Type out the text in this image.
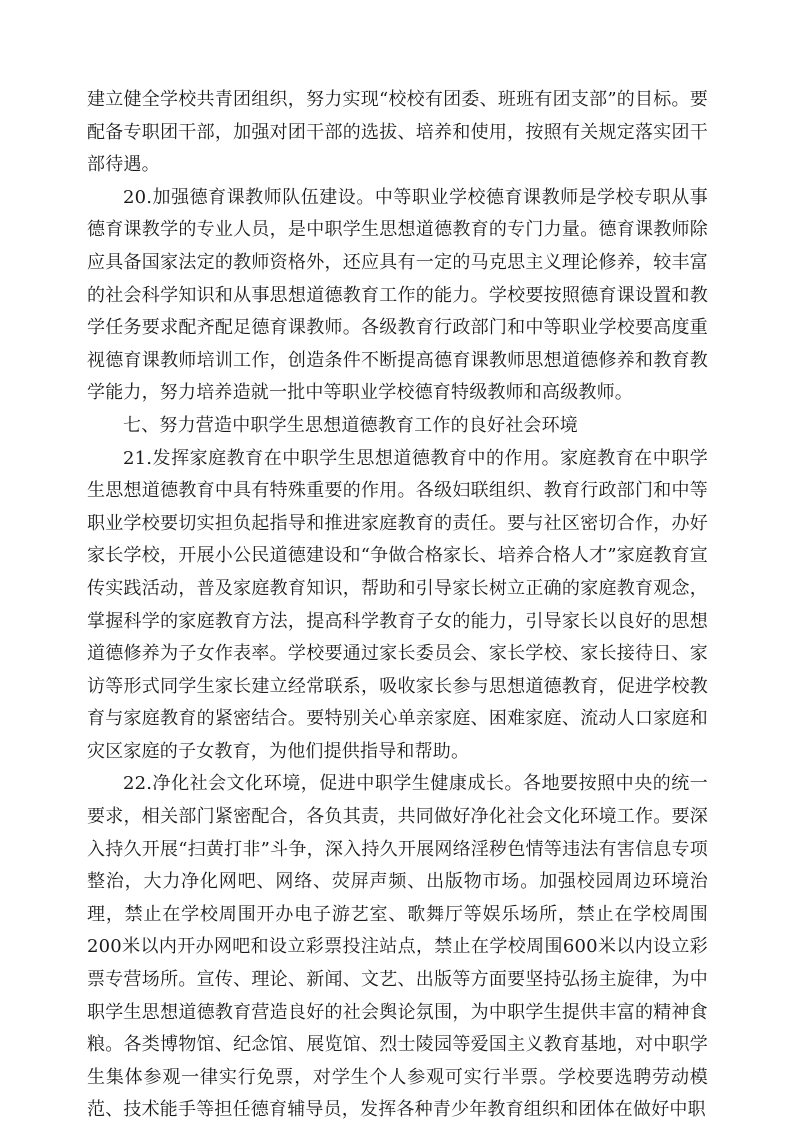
建立健全学校共青团组织，努力实现“校校有团委、班班有团支部”的目标。要配备专职团干部，加强对团干部的选拔、培养和使用，按照有关规定落实团干部待遇。

20.加强德育课教师队伍建设。中等职业学校德育课教师是学校专职从事德育课教学的专业人员，是中职学生思想道德教育的专门力量。德育课教师除应具备国家法定的教师资格外，还应具有一定的马克思主义理论修养，较丰富的社会科学知识和从事思想道德教育工作的能力。学校要按照德育课设置和教学任务要求配齐配足德育课教师。各级教育行政部门和中等职业学校要高度重视德育课教师培训工作，创造条件不断提高德育课教师思想道德修养和教育教学能力，努力培养造就一批中等职业学校德育特级教师和高级教师。

七、努力营造中职学生思想道德教育工作的良好社会环境

21.发挥家庭教育在中职学生思想道德教育中的作用。家庭教育在中职学生思想道德教育中具有特殊重要的作用。各级妇联组织、教育行政部门和中等职业学校要切实担负起指导和推进家庭教育的责任。要与社区密切合作，办好家长学校，开展小公民道德建设和“争做合格家长、培养合格人才”家庭教育宣传实践活动，普及家庭教育知识，帮助和引导家长树立正确的家庭教育观念，掌握科学的家庭教育方法，提高科学教育子女的能力，引导家长以良好的思想道德修养为子女作表率。学校要通过家长委员会、家长学校、家长接待日、家访等形式同学生家长建立经常联系，吸收家长参与思想道德教育，促进学校教育与家庭教育的紧密结合。要特别关心单亲家庭、困难家庭、流动人口家庭和灾区家庭的子女教育，为他们提供指导和帮助。

22.净化社会文化环境，促进中职学生健康成长。各地要按照中央的统一要求，相关部门紧密配合，各负其责，共同做好净化社会文化环境工作。要深入持久开展“扫黄打非”斗争，深入持久开展网络淫秽色情等违法有害信息专项整治，大力净化网吧、网络、荧屏声频、出版物市场。加强校园周边环境治理，禁止在学校周围开办电子游艺室、歌舞厅等娱乐场所，禁止在学校周围200米以内开办网吧和设立彩票投注站点，禁止在学校周围600米以内设立彩票专营场所。宣传、理论、新闻、文艺、出版等方面要坚持弘扬主旋律，为中职学生思想道德教育营造良好的社会舆论氛围，为中职学生提供丰富的精神食粮。各类博物馆、纪念馆、展览馆、烈士陵园等爱国主义教育基地，对中职学生集体参观一律实行免票，对学生个人参观可实行半票。学校要选聘劳动模范、技术能手等担任德育辅导员，发挥各种青少年教育组织和团体在做好中职
